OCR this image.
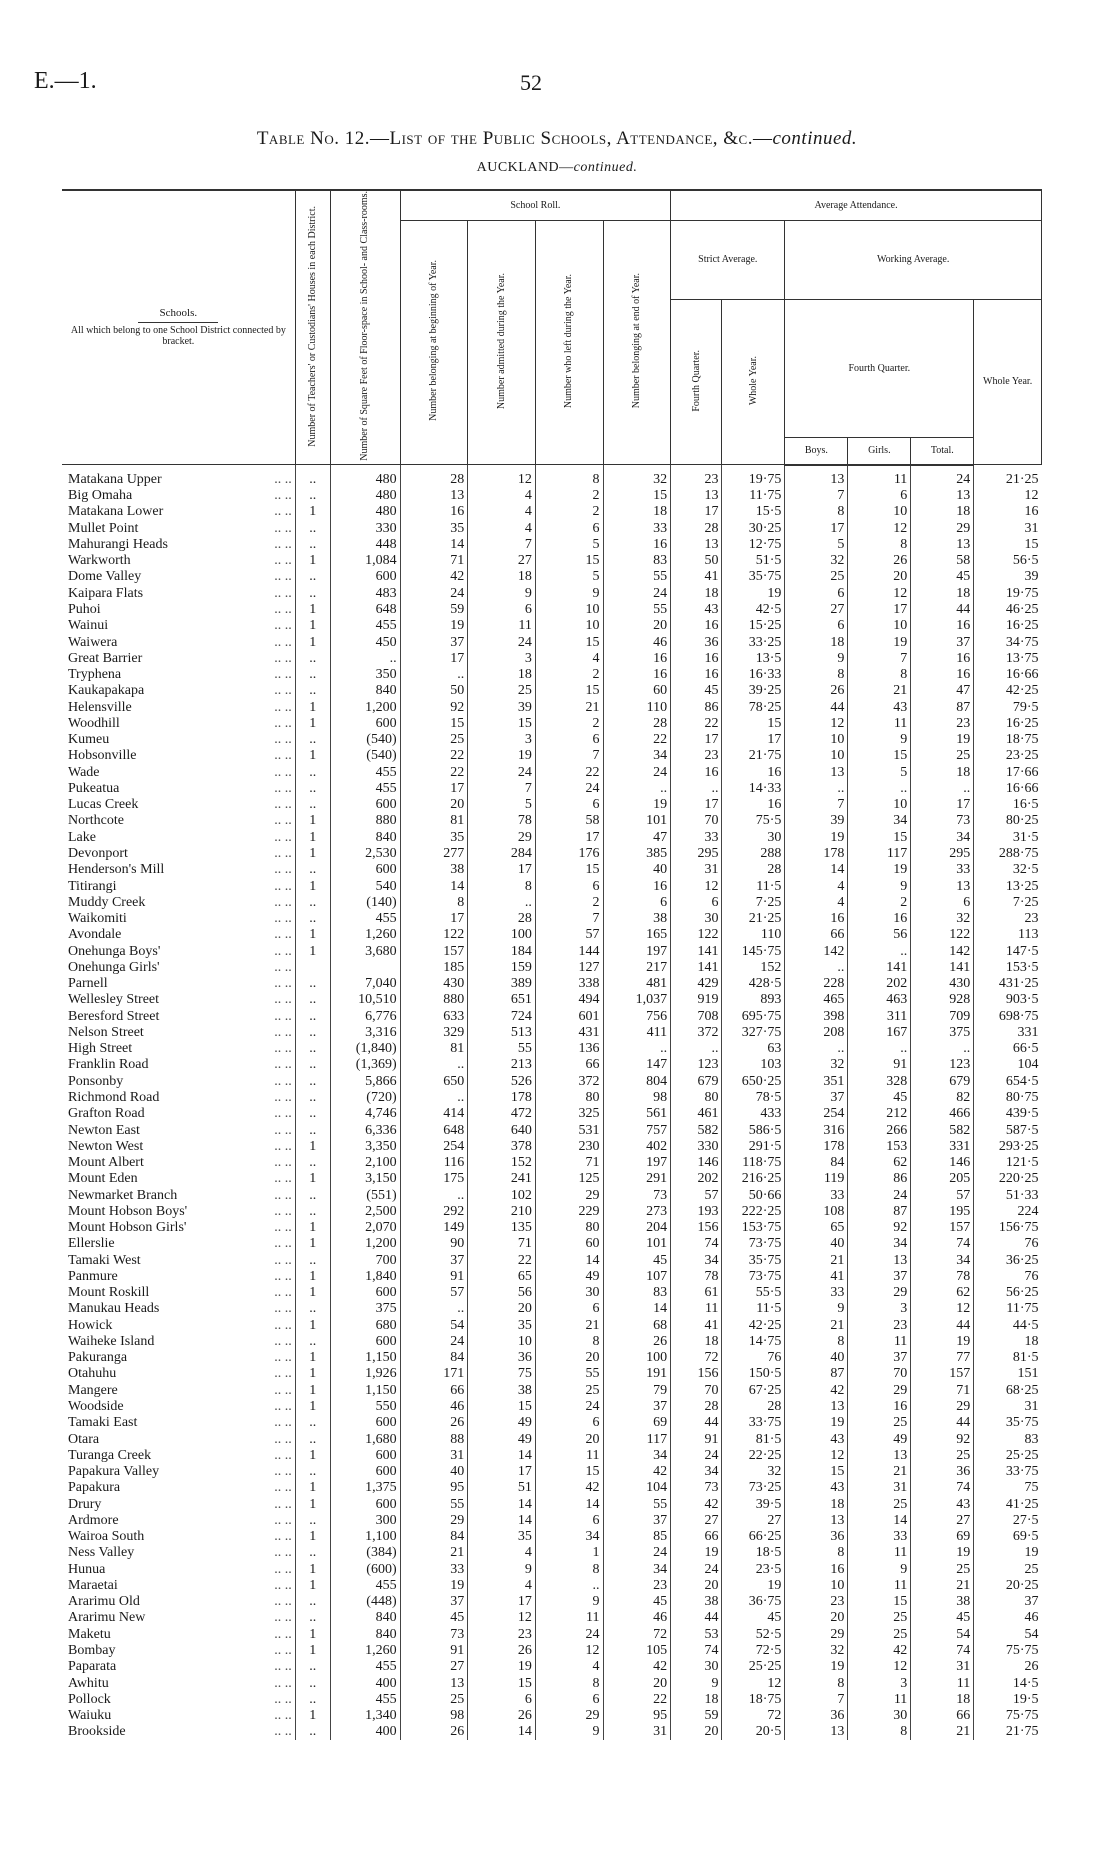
E.—1.	52
Table No. 12.—List of the Public Schools, Attendance, &c.—continued.
AUCKLAND—continued.
Schools.
All which belong to one School District connected by bracket.	Number of Teachers' or Custodians' Houses in each District.	Number of Square Feet of Floor-space in School- and Class-rooms.	School Roll.				Average Attendance.					
			Number belonging at beginning of Year.	Number admitted during the Year.	Number who left during the Year.	Number belonging at end of Year.	Strict Average.		Working Average.			
							Fourth Quarter.	Whole Year.	Fourth Quarter.			Whole Year.
									Boys.	Girls.	Total.	

Matakana Upper .. ..	..	480	28	12	8	32	23	19·75	13	11	24	21·25

Big Omaha .. ..	..	480	13	4	2	15	13	11·75	7	6	13	12

Matakana Lower .. ..	1	480	16	4	2	18	17	15·5	8	10	18	16

Mullet Point .. ..	..	330	35	4	6	33	28	30·25	17	12	29	31

Mahurangi Heads .. ..	..	448	14	7	5	16	13	12·75	5	8	13	15

Warkworth .. ..	1	1,084	71	27	15	83	50	51·5	32	26	58	56·5

Dome Valley .. ..	..	600	42	18	5	55	41	35·75	25	20	45	39

Kaipara Flats .. ..	..	483	24	9	9	24	18	19	6	12	18	19·75

Puhoi .. ..	1	648	59	6	10	55	43	42·5	27	17	44	46·25

Wainui .. ..	1	455	19	11	10	20	16	15·25	6	10	16	16·25

Waiwera .. ..	1	450	37	24	15	46	36	33·25	18	19	37	34·75

Great Barrier .. ..	..	..	17	3	4	16	16	13·5	9	7	16	13·75

Tryphena .. ..	..	350	..	18	2	16	16	16·33	8	8	16	16·66

Kaukapakapa .. ..	..	840	50	25	15	60	45	39·25	26	21	47	42·25

Helensville .. ..	1	1,200	92	39	21	110	86	78·25	44	43	87	79·5

Woodhill .. ..	1	600	15	15	2	28	22	15	12	11	23	16·25

Kumeu .. ..	..	(540)	25	3	6	22	17	17	10	9	19	18·75

Hobsonville .. ..	1	(540)	22	19	7	34	23	21·75	10	15	25	23·25

Wade .. ..	..	455	22	24	22	24	16	16	13	5	18	17·66

Pukeatua .. ..	..	455	17	7	24	..	..	14·33	..	..	..	16·66

Lucas Creek .. ..	..	600	20	5	6	19	17	16	7	10	17	16·5

Northcote .. ..	1	880	81	78	58	101	70	75·5	39	34	73	80·25

Lake .. ..	1	840	35	29	17	47	33	30	19	15	34	31·5

Devonport .. ..	1	2,530	277	284	176	385	295	288	178	117	295	288·75

Henderson's Mill .. ..	..	600	38	17	15	40	31	28	14	19	33	32·5

Titirangi .. ..	1	540	14	8	6	16	12	11·5	4	9	13	13·25

Muddy Creek .. ..	..	(140)	8	..	2	6	6	7·25	4	2	6	7·25

Waikomiti .. ..	..	455	17	28	7	38	30	21·25	16	16	32	23

Avondale .. ..	1	1,260	122	100	57	165	122	110	66	56	122	113

Onehunga Boys' .. ..	1	3,680	157	184	144	197	141	145·75	142	..	142	147·5

Onehunga Girls' .. ..			185	159	127	217	141	152	..	141	141	153·5

Parnell .. ..	..	7,040	430	389	338	481	429	428·5	228	202	430	431·25

Wellesley Street .. ..	..	10,510	880	651	494	1,037	919	893	465	463	928	903·5

Beresford Street .. ..	..	6,776	633	724	601	756	708	695·75	398	311	709	698·75

Nelson Street .. ..	..	3,316	329	513	431	411	372	327·75	208	167	375	331

High Street .. ..	..	(1,840)	81	55	136	..	..	63	..	..	..	66·5

Franklin Road .. ..	..	(1,369)	..	213	66	147	123	103	32	91	123	104

Ponsonby .. ..	..	5,866	650	526	372	804	679	650·25	351	328	679	654·5

Richmond Road .. ..	..	(720)	..	178	80	98	80	78·5	37	45	82	80·75

Grafton Road .. ..	..	4,746	414	472	325	561	461	433	254	212	466	439·5

Newton East .. ..	..	6,336	648	640	531	757	582	586·5	316	266	582	587·5

Newton West .. ..	1	3,350	254	378	230	402	330	291·5	178	153	331	293·25

Mount Albert .. ..	..	2,100	116	152	71	197	146	118·75	84	62	146	121·5

Mount Eden .. ..	1	3,150	175	241	125	291	202	216·25	119	86	205	220·25

Newmarket Branch .. ..	..	(551)	..	102	29	73	57	50·66	33	24	57	51·33

Mount Hobson Boys' .. ..	..	2,500	292	210	229	273	193	222·25	108	87	195	224

Mount Hobson Girls' .. ..	1	2,070	149	135	80	204	156	153·75	65	92	157	156·75

Ellerslie .. ..	1	1,200	90	71	60	101	74	73·75	40	34	74	76

Tamaki West .. ..	..	700	37	22	14	45	34	35·75	21	13	34	36·25

Panmure .. ..	1	1,840	91	65	49	107	78	73·75	41	37	78	76

Mount Roskill .. ..	1	600	57	56	30	83	61	55·5	33	29	62	56·25

Manukau Heads .. ..	..	375	..	20	6	14	11	11·5	9	3	12	11·75

Howick .. ..	1	680	54	35	21	68	41	42·25	21	23	44	44·5

Waiheke Island .. ..	..	600	24	10	8	26	18	14·75	8	11	19	18

Pakuranga .. ..	1	1,150	84	36	20	100	72	76	40	37	77	81·5

Otahuhu .. ..	1	1,926	171	75	55	191	156	150·5	87	70	157	151

Mangere .. ..	1	1,150	66	38	25	79	70	67·25	42	29	71	68·25

Woodside .. ..	1	550	46	15	24	37	28	28	13	16	29	31

Tamaki East .. ..	..	600	26	49	6	69	44	33·75	19	25	44	35·75

Otara .. ..	..	1,680	88	49	20	117	91	81·5	43	49	92	83

Turanga Creek .. ..	1	600	31	14	11	34	24	22·25	12	13	25	25·25

Papakura Valley .. ..	..	600	40	17	15	42	34	32	15	21	36	33·75

Papakura .. ..	1	1,375	95	51	42	104	73	73·25	43	31	74	75

Drury .. ..	1	600	55	14	14	55	42	39·5	18	25	43	41·25

Ardmore .. ..	..	300	29	14	6	37	27	27	13	14	27	27·5

Wairoa South .. ..	1	1,100	84	35	34	85	66	66·25	36	33	69	69·5

Ness Valley .. ..	..	(384)	21	4	1	24	19	18·5	8	11	19	19

Hunua .. ..	1	(600)	33	9	8	34	24	23·5	16	9	25	25

Maraetai .. ..	1	455	19	4	..	23	20	19	10	11	21	20·25

Ararimu Old .. ..	..	(448)	37	17	9	45	38	36·75	23	15	38	37

Ararimu New .. ..	..	840	45	12	11	46	44	45	20	25	45	46

Maketu .. ..	1	840	73	23	24	72	53	52·5	29	25	54	54

Bombay .. ..	1	1,260	91	26	12	105	74	72·5	32	42	74	75·75

Paparata .. ..	..	455	27	19	4	42	30	25·25	19	12	31	26

Awhitu .. ..	..	400	13	15	8	20	9	12	8	3	11	14·5

Pollock .. ..	..	455	25	6	6	22	18	18·75	7	11	18	19·5

Waiuku .. ..	1	1,340	98	26	29	95	59	72	36	30	66	75·75

Brookside .. ..	..	400	26	14	9	31	20	20·5	13	8	21	21·75
